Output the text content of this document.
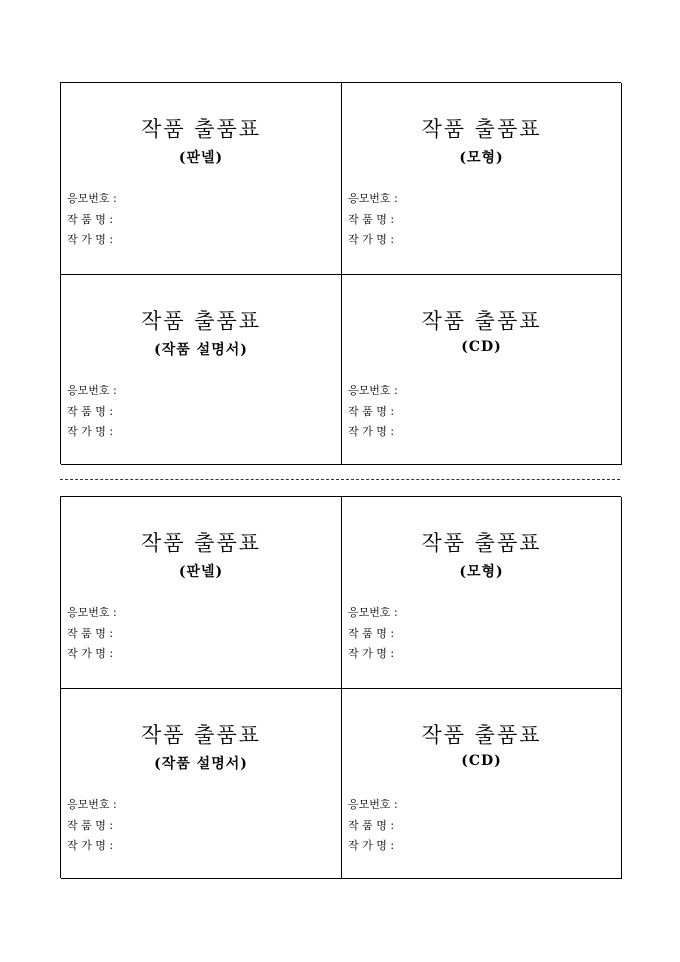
작품 출품표
(판넬)
응모번호 :
작 품 명 :
작 가 명 :
작품 출품표
(모형)
응모번호 :
작 품 명 :
작 가 명 :
작품 출품표
(작품 설명서)
응모번호 :
작 품 명 :
작 가 명 :
작품 출품표
(CD)
응모번호 :
작 품 명 :
작 가 명 :
작품 출품표
(판넬)
응모번호 :
작 품 명 :
작 가 명 :
작품 출품표
(모형)
응모번호 :
작 품 명 :
작 가 명 :
작품 출품표
(작품 설명서)
응모번호 :
작 품 명 :
작 가 명 :
작품 출품표
(CD)
응모번호 :
작 품 명 :
작 가 명 :
